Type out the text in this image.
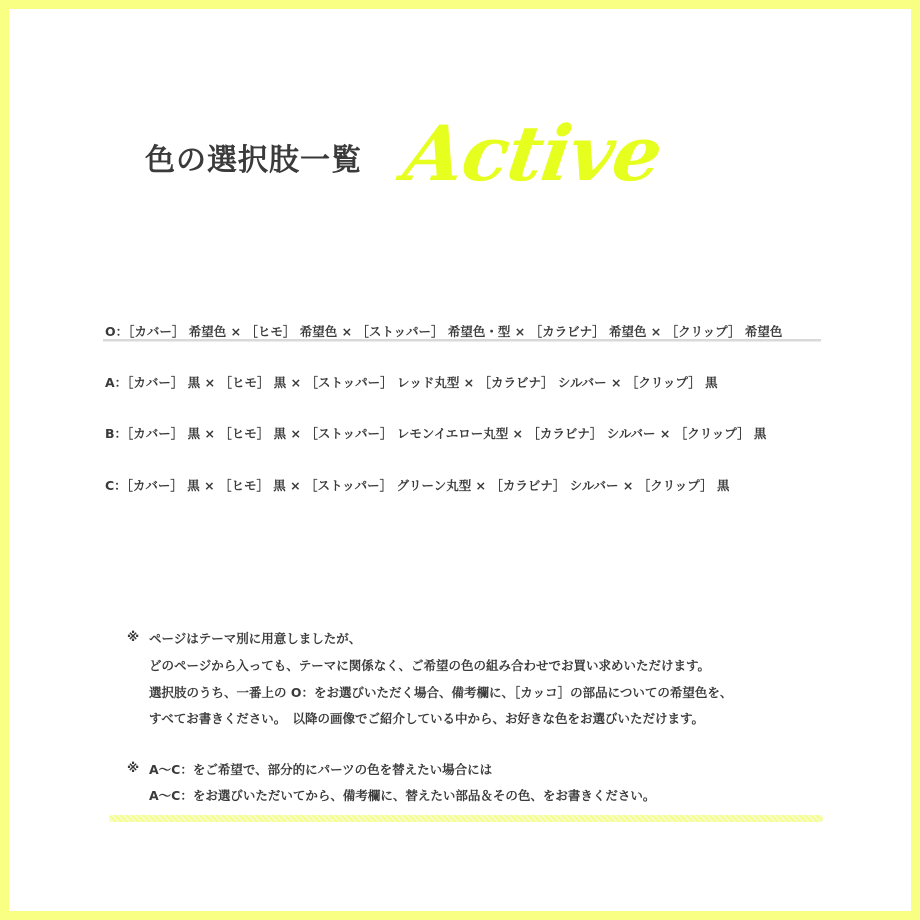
色の選択肢一覧 Active
O：［カバー］ 希望色 × ［ヒモ］ 希望色 × ［ストッパー］ 希望色・型 × ［カラビナ］ 希望色 × ［クリップ］ 希望色
A：［カバー］ 黒 × ［ヒモ］ 黒 × ［ストッパー］ レッド丸型 × ［カラビナ］ シルバー × ［クリップ］ 黒
B：［カバー］ 黒 × ［ヒモ］ 黒 × ［ストッパー］ レモンイエロー丸型 × ［カラビナ］ シルバー × ［クリップ］ 黒
C：［カバー］ 黒 × ［ヒモ］ 黒 × ［ストッパー］ グリーン丸型 × ［カラビナ］ シルバー × ［クリップ］ 黒
※ ページはテーマ別に用意しましたが、
どのページから入っても、テーマに関係なく、ご希望の色の組み合わせでお買い求めいただけます。
選択肢のうち、一番上の O：をお選びいただく場合、備考欄に、［カッコ］の部品についての希望色を、
すべてお書きください。　以降の画像でご紹介している中から、お好きな色をお選びいただけます。
※ A～C：をご希望で、部分的にパーツの色を替えたい場合には
A～C：をお選びいただいてから、備考欄に、替えたい部品＆その色、をお書きください。
